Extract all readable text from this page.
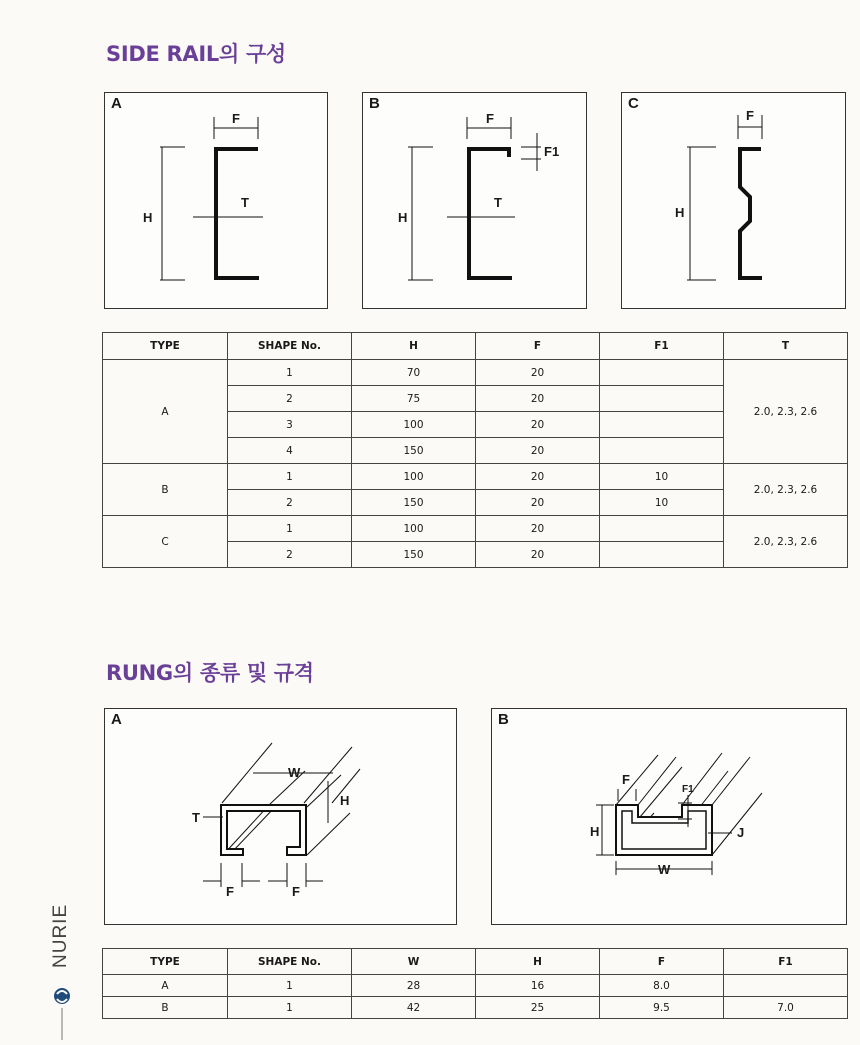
SIDE RAIL의 구성
A
F
H
T
B
F
F1
H
T
C
F
H
TYPE	SHAPE No.	H	F	F1	T
A	1	70	20		2.0, 2.3, 2.6
	2	75	20		
	3	100	20		
	4	150	20		
B	1	100	20	10	2.0, 2.3, 2.6
	2	150	20	10	
C	1	100	20		2.0, 2.3, 2.6
	2	150	20		
RUNG의 종류 및 규격
A
W
H
T
F	F
B
F
F1
H	J
W
TYPE	SHAPE No.	W	H	F	F1
A	1	28	16	8.0	
B	1	42	25	9.5	7.0
NURIE
